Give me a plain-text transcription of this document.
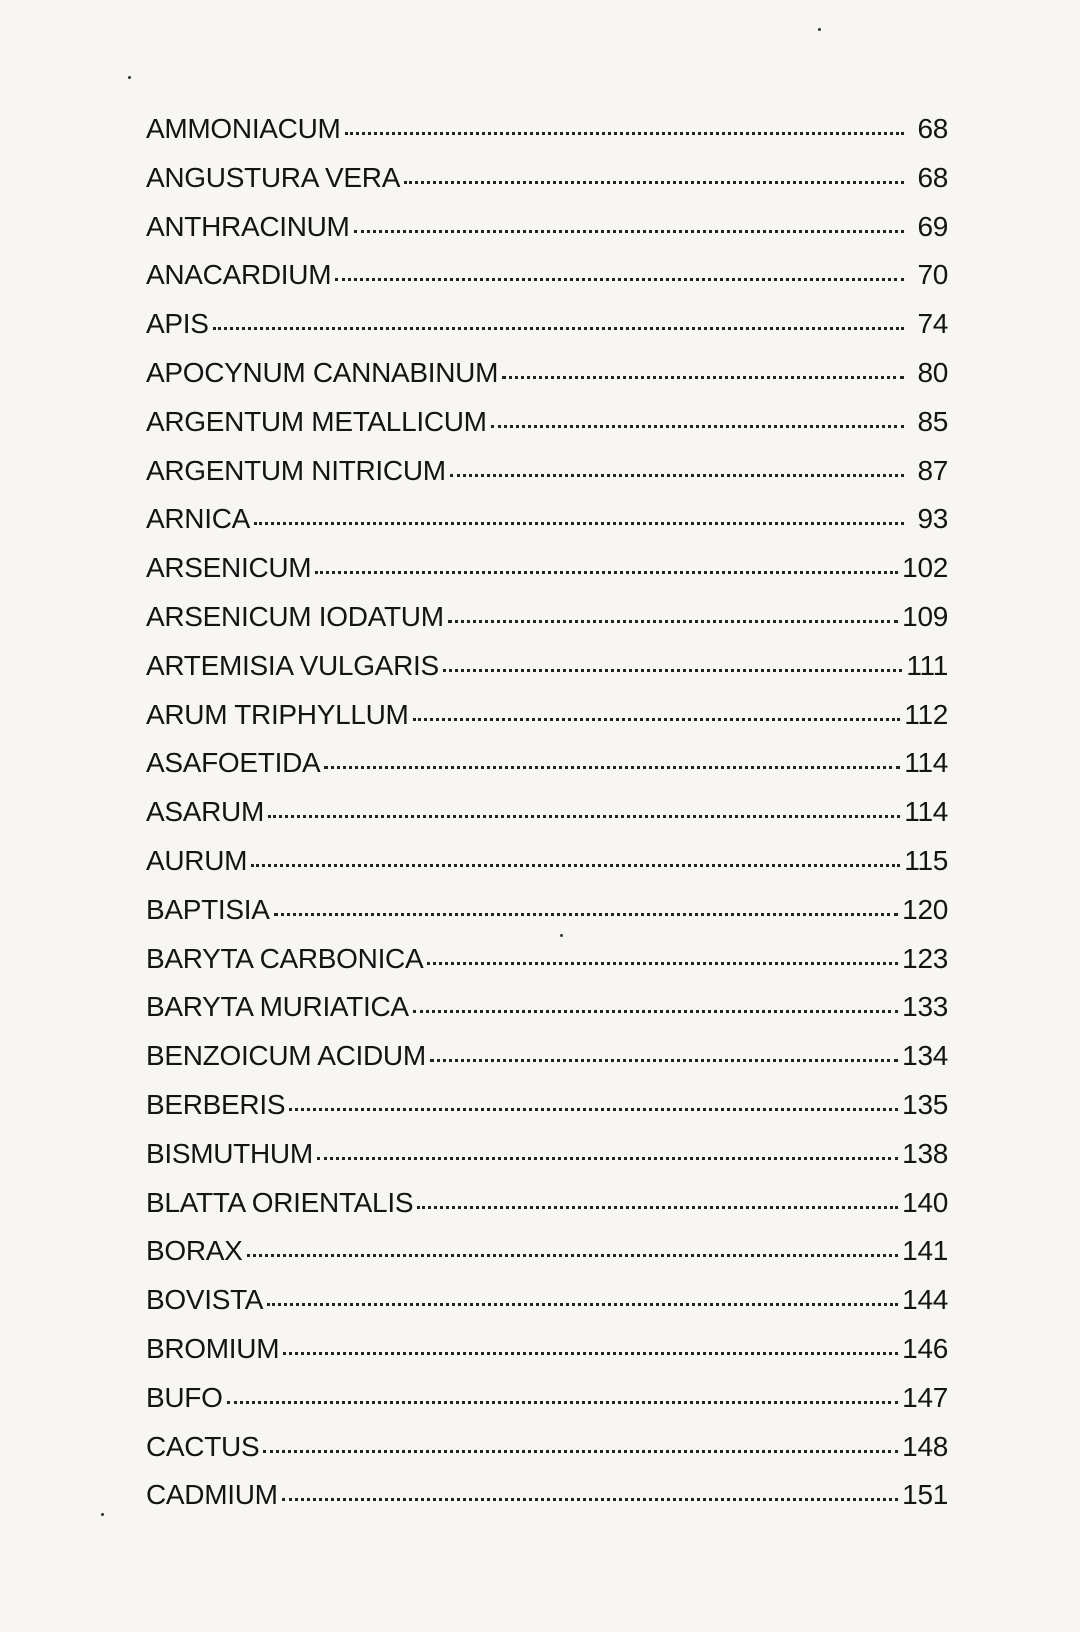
AMMONIACUM	68
ANGUSTURA VERA	68
ANTHRACINUM	69
ANACARDIUM	70
APIS	74
APOCYNUM CANNABINUM	80
ARGENTUM METALLICUM	85
ARGENTUM NITRICUM	87
ARNICA	93
ARSENICUM	102
ARSENICUM IODATUM	109
ARTEMISIA VULGARIS	111
ARUM TRIPHYLLUM	112
ASAFOETIDA	114
ASARUM	114
AURUM	115
BAPTISIA	120
BARYTA CARBONICA	123
BARYTA MURIATICA	133
BENZOICUM ACIDUM	134
BERBERIS	135
BISMUTHUM	138
BLATTA ORIENTALIS	140
BORAX	141
BOVISTA	144
BROMIUM	146
BUFO	147
CACTUS	148
CADMIUM	151
